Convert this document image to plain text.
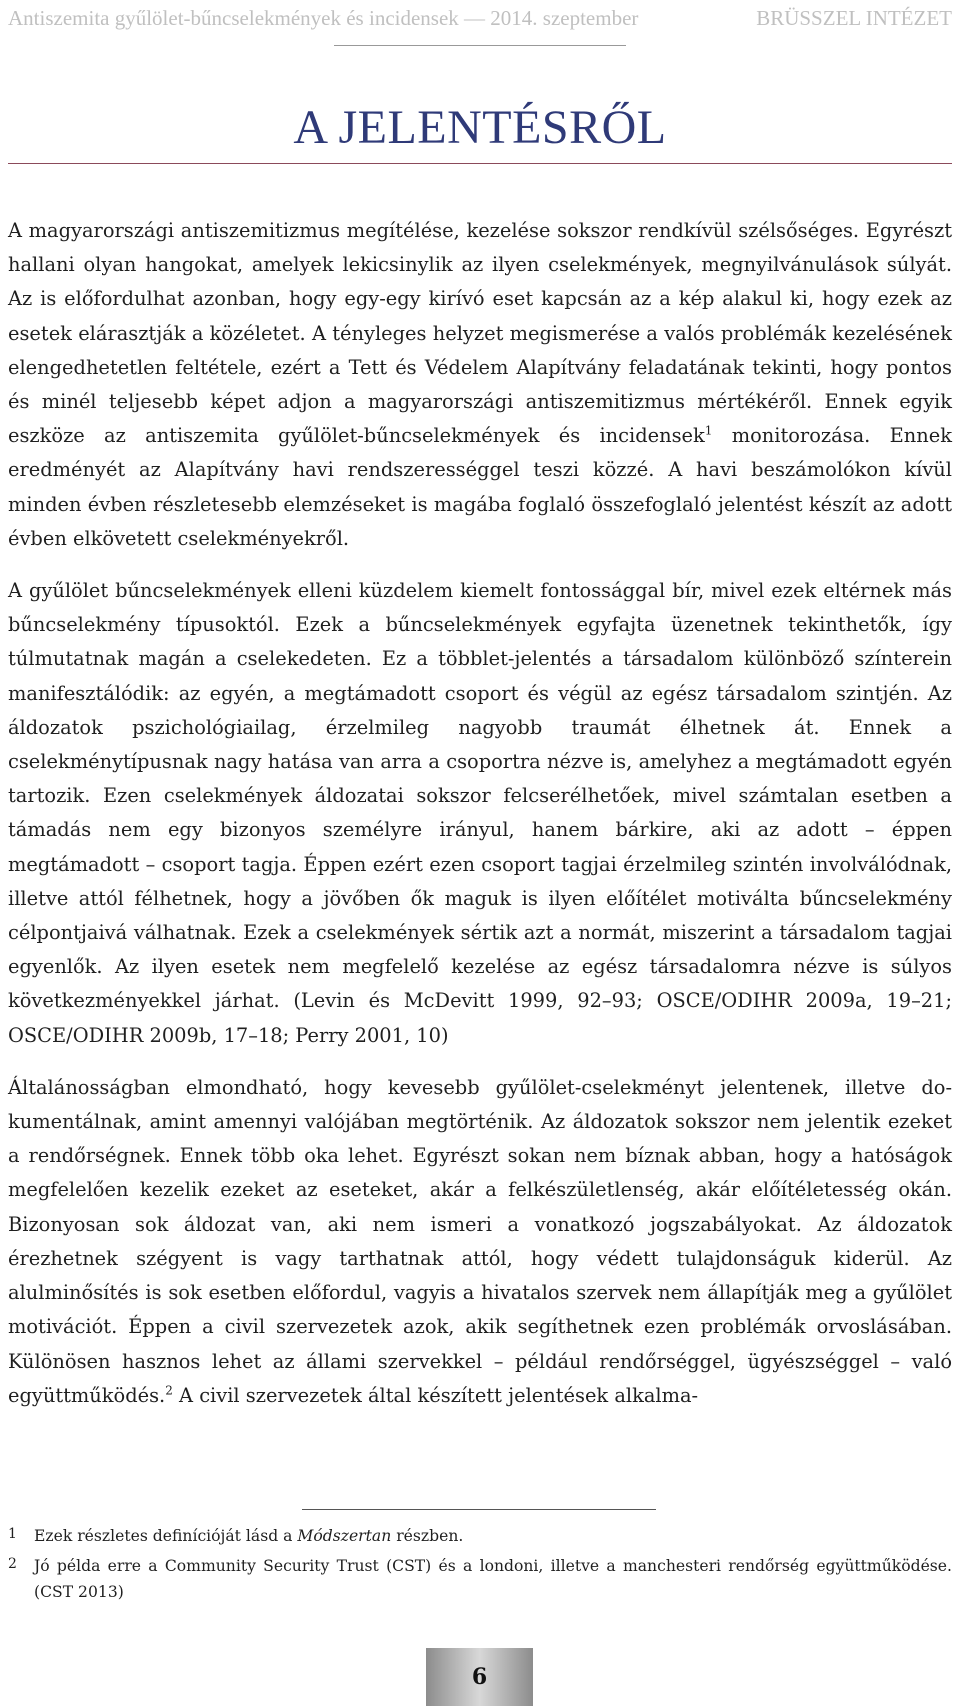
Antiszemita gyűlölet-bűncselekmények és incidensek — 2014. szeptember	BRÜSSZEL INTÉZET
A JELENTÉSRŐL

A magyarországi antiszemitizmus megítélése, kezelése sokszor rendkívül szélsőséges. Egyrészt hallani olyan hangokat, amelyek lekicsinylik az ilyen cselekmények, megnyilvánulások súlyát. Az is előfordulhat azonban, hogy egy-egy kirívó eset kapcsán az a kép alakul ki, hogy ezek az esetek elárasztják a közéletet. A tényleges helyzet megismerése a valós problémák kezelésének elengedhetetlen feltétele, ezért a Tett és Védelem Alapítvány feladatának tekinti, hogy pontos és minél teljesebb képet adjon a magyarországi antiszemitizmus mértékéről. Ennek egyik eszköze az antiszemita gyűlölet-bűncselekmények és incidensek$^1$ monitorozása. Ennek eredményét az Alapítvány havi rendszerességgel teszi közzé. A havi beszámolókon kívül minden évben részletesebb elemzéseket is magába foglaló összefoglaló jelentést készít az adott évben elkövetett cselekményekről.

A gyűlölet bűncselekmények elleni küzdelem kiemelt fontossággal bír, mivel ezek eltérnek más bűncselekmény típusoktól. Ezek a bűncselekmények egyfajta üzenetnek tekinthetők, így túlmutatnak magán a cselekedeten. Ez a többlet-jelentés a társadalom különböző színterein manifesztálódik: az egyén, a megtámadott csoport és végül az egész társadalom szintjén. Az áldozatok pszichológiailag, érzelmileg nagyobb traumát élhetnek át. Ennek a cselekménytípusnak nagy hatása van arra a csoportra nézve is, amelyhez a megtámadott egyén tartozik. Ezen cselekmények áldozatai sokszor felcserélhetőek, mivel számtalan esetben a támadás nem egy bizonyos személyre irányul, hanem bárkire, aki az adott – éppen megtámadott – csoport tagja. Éppen ezért ezen csoport tagjai érzelmileg szintén involválódnak, illetve attól félhetnek, hogy a jövőben ők maguk is ilyen előítélet motiválta bűncselekmény célpontjaivá válhatnak. Ezek a cselekmények sértik azt a normát, miszerint a társadalom tagjai egyenlők. Az ilyen esetek nem megfelelő kezelése az egész társadalomra nézve is súlyos következményekkel járhat. (Levin és McDevitt 1999, 92–93; OSCE/ODIHR 2009a, 19–21; OSCE/ODIHR 2009b, 17–18; Perry 2001, 10)

Általánosságban elmondható, hogy kevesebb gyűlölet-cselekményt jelentenek, illetve dokumentálnak, amint amennyi valójában megtörténik. Az áldozatok sokszor nem jelentik ezeket a rendőrségnek. Ennek több oka lehet. Egyrészt sokan nem bíznak abban, hogy a hatóságok megfelelően kezelik ezeket az eseteket, akár a felkészületlenség, akár előítéletesség okán. Bizonyosan sok áldozat van, aki nem ismeri a vonatkozó jogszabályokat. Az áldozatok érezhetnek szégyent is vagy tarthatnak attól, hogy védett tulajdonságuk kiderül. Az alulminősítés is sok esetben előfordul, vagyis a hivatalos szervek nem állapítják meg a gyűlölet motivációt. Éppen a civil szervezetek azok, akik segíthetnek ezen problémák orvoslásában. Különösen hasznos lehet az állami szervekkel – például rendőrséggel, ügyészséggel – való együttműködés.$^2$ A civil szervezetek által készített jelentések alkalma-

1	Ezek részletes definícióját lásd a Módszertan részben.
2	Jó példa erre a Community Security Trust (CST) és a londoni, illetve a manchesteri rendőrség együttműködése. (CST 2013)
6
